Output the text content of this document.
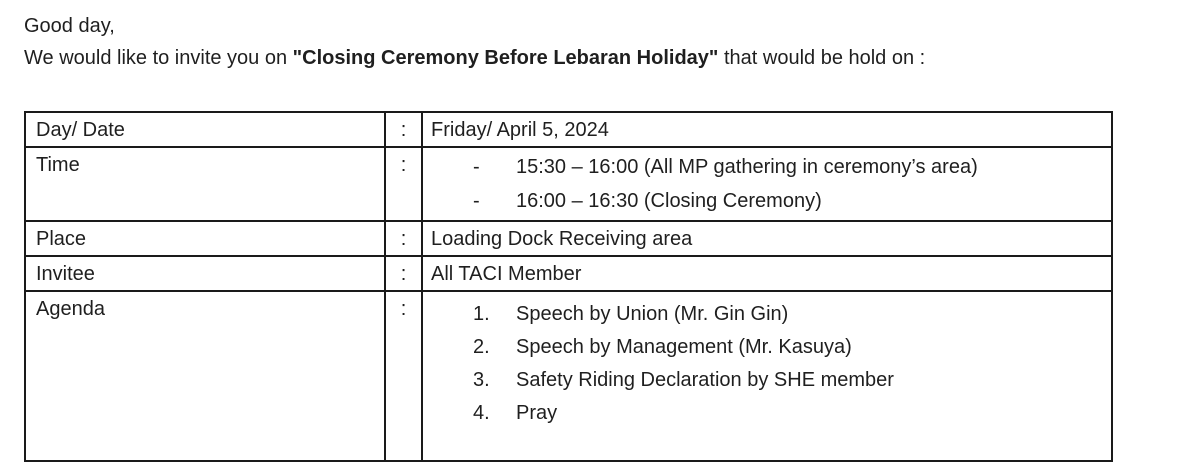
Good day,

We would like to invite you on "Closing Ceremony Before Lebaran Holiday" that would be hold on :

Day/ Date	:	Friday/ April 5, 2024
Time	:	- 15:30 – 16:00 (All MP gathering in ceremony’s area)
- 16:00 – 16:30 (Closing Ceremony)

Place	:	Loading Dock Receiving area
Invitee	:	All TACI Member
Agenda	:	1.	Speech by Union (Mr. Gin Gin)
2.	Speech by Management (Mr. Kasuya)
3.	Safety Riding Declaration by SHE member
4.	Pray
